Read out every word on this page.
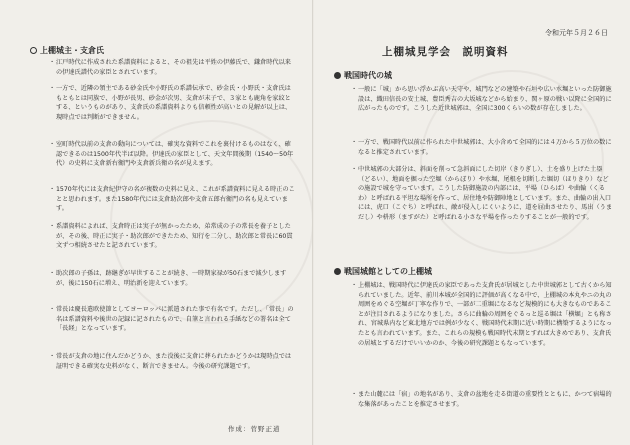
上棚城主・支倉氏
・ 江戸時代に作成された系譜資料によると、その祖先は平姓の伊藤氏で、鎌倉時代以来の伊達氏譜代の家臣とされています。
・ 一方で、近隣の領主である砂金氏や小野氏の系譜伝承で、砂金氏・小野氏・支倉氏はもともとは同族で、小野が長男、砂金が次男、支倉が末子で、３家とも鹿角を家紋とする、というものがあり、支倉氏の系譜資料よりも信頼性が高いとの見解が以上は、現時点では判断ができません。
・ 室町時代以前の支倉の動向については、確実な資料でこれを裏付けるものはなく、確認できるのは1500年代半ば以降。伊達氏の家臣として、天文年間後期（1540〜50年代）の史料に支倉新右衛門や支倉新兵衛の名が見えます。
・ 1570年代には支倉紀伊守の名が複数の史料に見え、これが系譜資料に見える時正のことと思われます。また1580年代には支倉助次郎や支倉五郎右衛門の名も見えています。
・ 系譜資料によれば、支倉時正は実子が無かったため、弟常成の子の常長を養子としたが、その後、時正に実子・助次郎ができたため、知行を二分し、助次郎と常長に60貫文ずつ相続させたと記されています。
・ 助次郎の子孫は、跡継ぎが早世することが続き、一時期家禄が50石まで減少しますが、後に150石に増え、明治新を迎えています。
・ 常長は慶長遣欧使節としてヨーロッパに派遣された事で有名です。ただし、「常長」の名は系譜資料や後世の記録に記されたもので、自筆と言われる手紙などの署名は全て「長経」となっています。
・ 常長が支倉の地に住んだかどうか、また没後に支倉に葬られたかどうかは現時点では証明できる確実な史料がなく、断言できません。今後の研究課題です。
作成：菅野正道
令和元年５月２６日
上棚城見学会　説明資料
戦国時代の城
・ 一般に「城」から思い浮かぶ高い天守や、城門などの建築や石垣や広い水堀といった防御施設は、織田信長の安土城、豊臣秀吉の大坂城などから始まり、関ヶ原の戦い以降に全国的に広がったものです。こうした近世城郭は、全国に300くらいの数が存在しました。
・ 一方で、戦国時代以前に作られた中世城郭は、大小含めて全国的には４万から５万位の数になると推定されています。
・ 中世城郭の大部分は、斜面を削って急斜面にした切岸（きりぎし）、土を盛り上げた土塁（どるい）、地面を掘った空堀（からぼり）や水堀、尾根を切断した堀切（ほりきり）などの施設で城を守っています。こうした防御施設の内部には、平場（ひらば）や曲輪（くるわ）と呼ばれる平坦な場所を作って、居住地や防御陣地としています。また、曲輪の出入口には、虎口（こぐち）と呼ばれ、敵が侵入しにくいように、道を屈曲させたり、馬出（うまだし）や枡形（ますがた）と呼ばれる小さな平場を作ったりすることが一般的です。
戦国城館としての上棚城
・ 上棚城は、戦国時代に伊達氏の家臣であった支倉氏が居城とした中世城郭として古くから知られていました。近年、前川本城が全国的に評価が高くなる中で、上棚城の本丸やニの丸の周囲をめぐる空堀が丁寧な作りで、一部が二重堀になるなど規模的にも大きなものであることが注目されるようになりました。さらに曲輪の周囲をぐるっと巡る堀は「横堀」とも称され、宮城県内など東北地方では例が少なく、戦国時代末期に近い時期に構築するようになったとも言われています。また、これらの規模も戦国時代末期とすれば大きめであり、支倉氏の居城とするだけでいいかのか、今後の研究課題ともなっています。
・ また山麓には「宿」の地名があり、支倉の盆地を走る街道の重要性とともに、かつて宿場的な集落があったことを推定させます。
